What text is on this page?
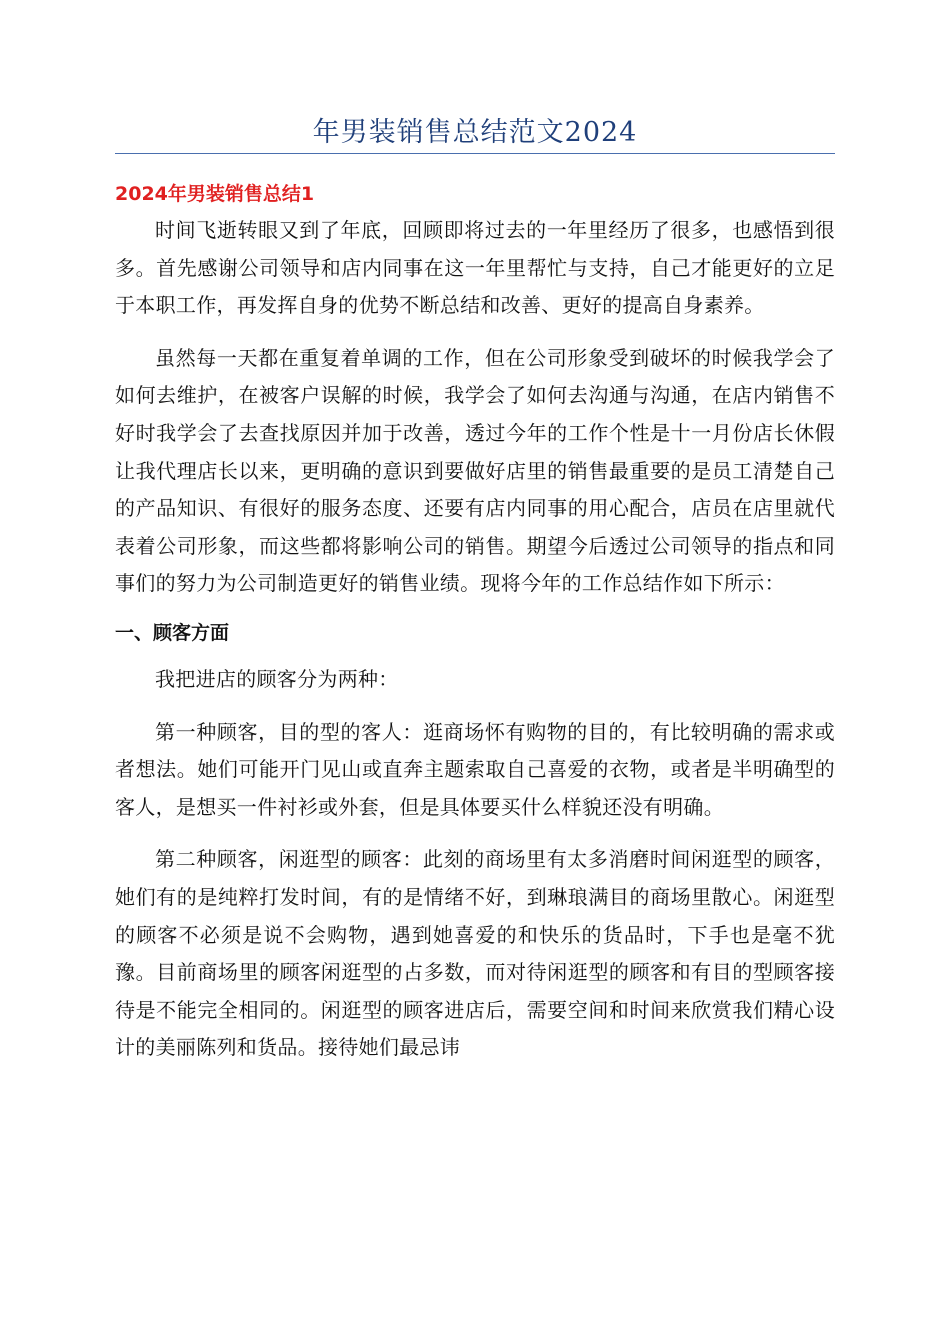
年男装销售总结范文2024
2024年男装销售总结1

时间飞逝转眼又到了年底，回顾即将过去的一年里经历了很多，也感悟到很多。首先感谢公司领导和店内同事在这一年里帮忙与支持，自己才能更好的立足于本职工作，再发挥自身的优势不断总结和改善、更好的提高自身素养。

虽然每一天都在重复着单调的工作，但在公司形象受到破坏的时候我学会了如何去维护，在被客户误解的时候，我学会了如何去沟通与沟通，在店内销售不好时我学会了去查找原因并加于改善，透过今年的工作个性是十一月份店长休假让我代理店长以来，更明确的意识到要做好店里的销售最重要的是员工清楚自己的产品知识、有很好的服务态度、还要有店内同事的用心配合，店员在店里就代表着公司形象，而这些都将影响公司的销售。期望今后透过公司领导的指点和同事们的努力为公司制造更好的销售业绩。现将今年的工作总结作如下所示：

一、顾客方面

我把进店的顾客分为两种：

第一种顾客，目的型的客人：逛商场怀有购物的目的，有比较明确的需求或者想法。她们可能开门见山或直奔主题索取自己喜爱的衣物，或者是半明确型的客人，是想买一件衬衫或外套，但是具体要买什么样貌还没有明确。

第二种顾客，闲逛型的顾客：此刻的商场里有太多消磨时间闲逛型的顾客，她们有的是纯粹打发时间，有的是情绪不好，到琳琅满目的商场里散心。闲逛型的顾客不必须是说不会购物，遇到她喜爱的和快乐的货品时，下手也是毫不犹豫。目前商场里的顾客闲逛型的占多数，而对待闲逛型的顾客和有目的型顾客接待是不能完全相同的。闲逛型的顾客进店后，需要空间和时间来欣赏我们精心设计的美丽陈列和货品。接待她们最忌讳
